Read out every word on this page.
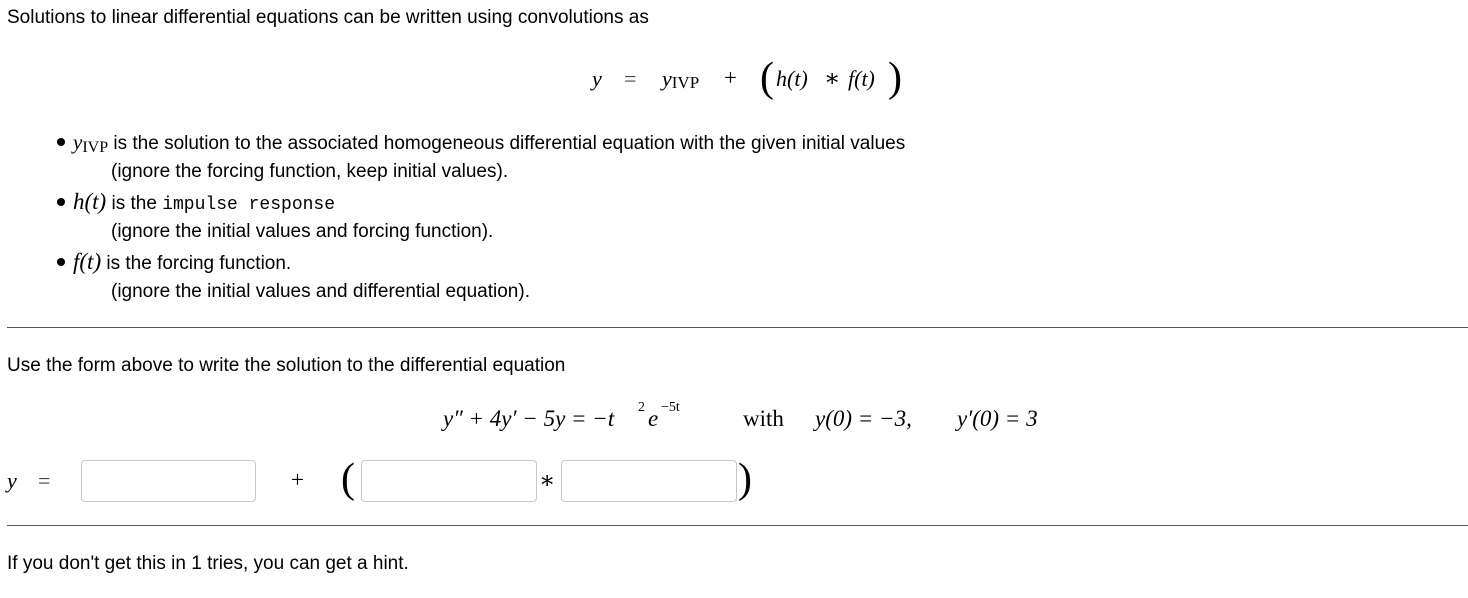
Solutions to linear differential equations can be written using convolutions as
y = yIVP + ( h(t) ∗ f(t) )
yIVP is the solution to the associated homogeneous differential equation with the given initial values
(ignore the forcing function, keep initial values).
h(t) is the impulse response
(ignore the initial values and forcing function).
f(t) is the forcing function.
(ignore the initial values and differential equation).
Use the form above to write the solution to the differential equation
y″ + 4y′ − 5y = −t 2 e −5t	with y(0) = −3, y′(0) = 3
y =	+ (	∗	)
If you don't get this in 1 tries, you can get a hint.
